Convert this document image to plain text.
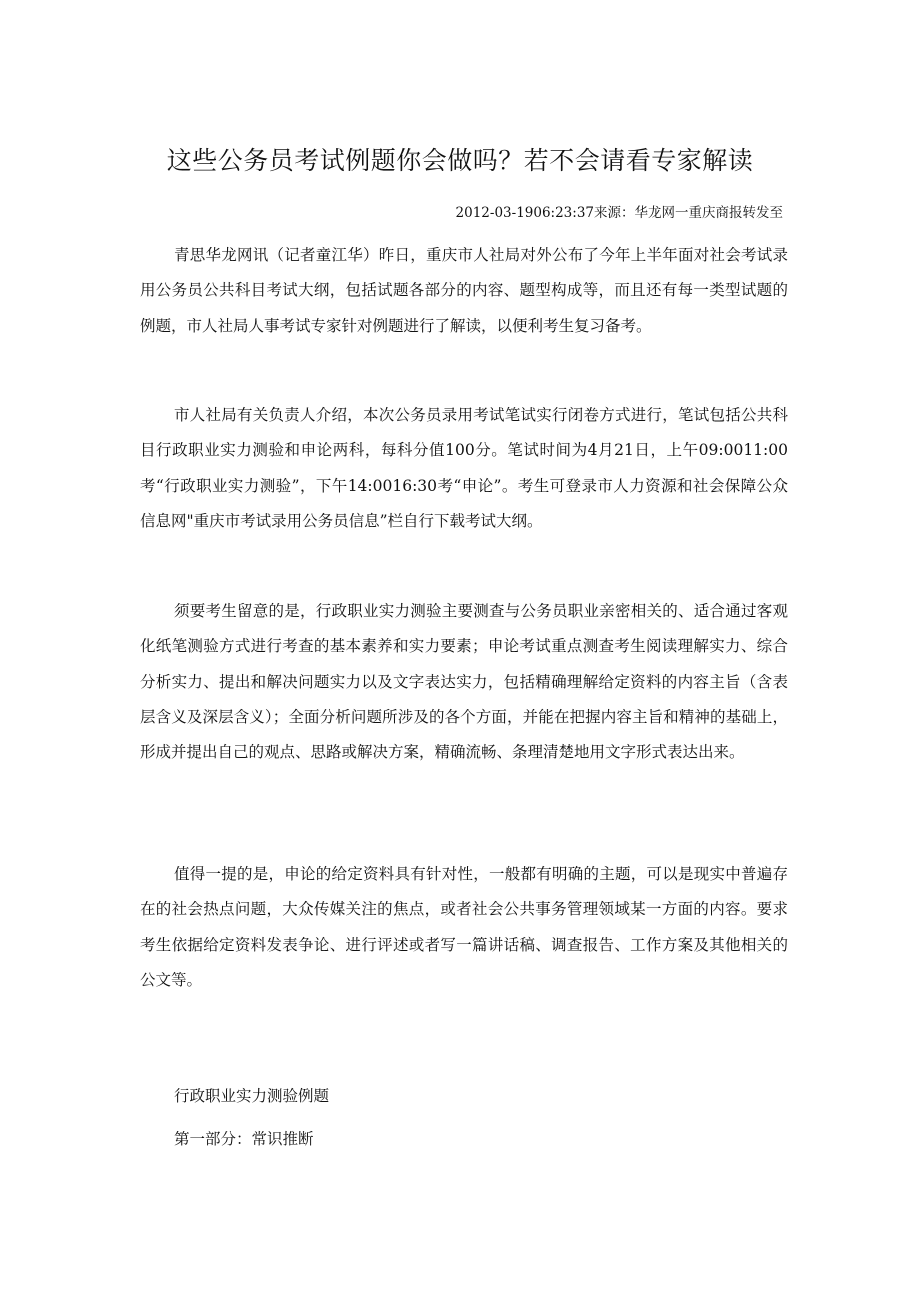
这些公务员考试例题你会做吗？若不会请看专家解读
2012-03-1906:23:37来源：华龙网一重庆商报转发至

青思华龙网讯（记者童江华）昨日，重庆市人社局对外公布了今年上半年面对社会考试录用公务员公共科目考试大纲，包括试题各部分的内容、题型构成等，而且还有每一类型试题的例题，市人社局人事考试专家针对例题进行了解读，以便利考生复习备考。

市人社局有关负责人介绍，本次公务员录用考试笔试实行闭卷方式进行，笔试包括公共科目行政职业实力测验和申论两科，每科分值100分。笔试时间为4月21日，上午09:0011:00考“行政职业实力测验”，下午14:0016:30考“申论”。考生可登录市人力资源和社会保障公众信息网"重庆市考试录用公务员信息”栏自行下载考试大纲。

须要考生留意的是，行政职业实力测验主要测查与公务员职业亲密相关的、适合通过客观化纸笔测验方式进行考查的基本素养和实力要素；申论考试重点测查考生阅读理解实力、综合分析实力、提出和解决问题实力以及文字表达实力，包括精确理解给定资料的内容主旨（含表层含义及深层含义）；全面分析问题所涉及的各个方面，并能在把握内容主旨和精神的基础上，形成并提出自己的观点、思路或解决方案，精确流畅、条理清楚地用文字形式表达出来。

值得一提的是，申论的给定资料具有针对性，一般都有明确的主题，可以是现实中普遍存在的社会热点问题，大众传媒关注的焦点，或者社会公共事务管理领域某一方面的内容。要求考生依据给定资料发表争论、进行评述或者写一篇讲话稿、调查报告、工作方案及其他相关的公文等。

行政职业实力测验例题
第一部分：常识推断
